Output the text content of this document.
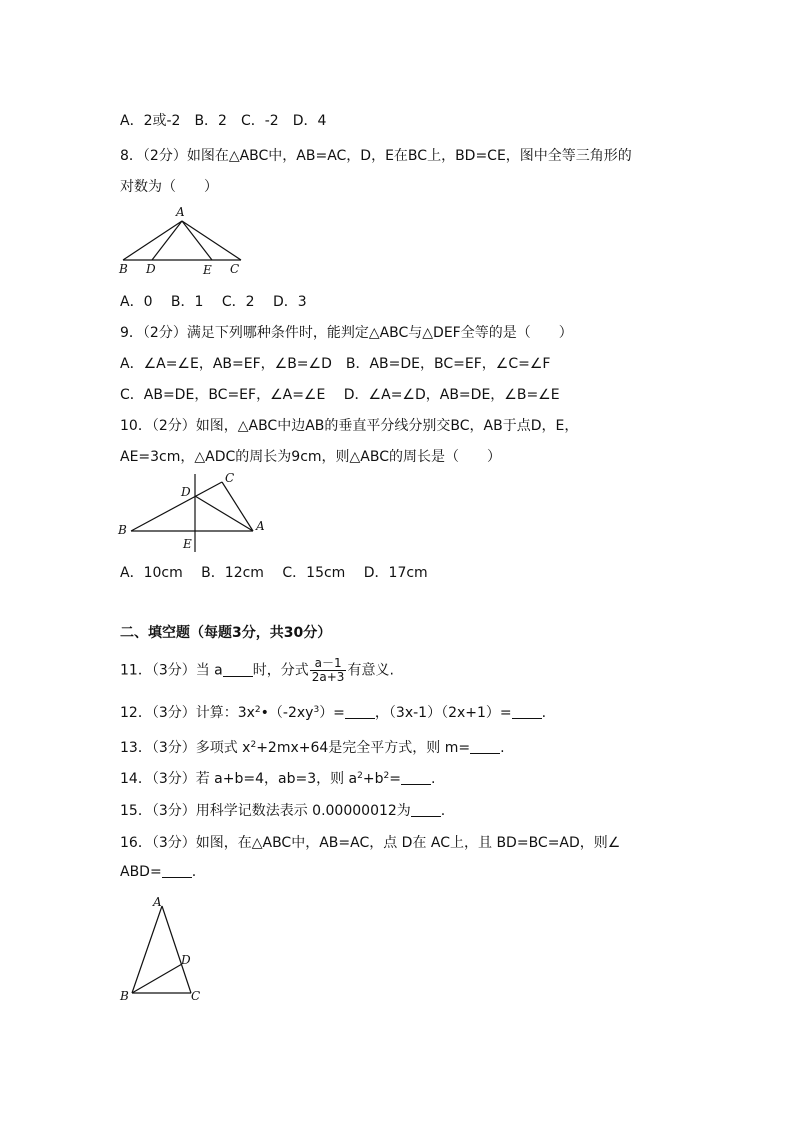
A．2或-2　B．2　C．-2　D．4
8．（2分）如图在△ABC中，AB=AC，D，E在BC上，BD=CE，图中全等三角形的
对数为（　　）
A
B D	E C
A．0　 B．1　 C．2　 D．3
9．（2分）满足下列哪种条件时，能判定△ABC与△DEF全等的是（　　）
A．∠A=∠E，AB=EF，∠B=∠D　B．AB=DE，BC=EF，∠C=∠F
C．AB=DE，BC=EF，∠A=∠E　 D．∠A=∠D，AB=DE，∠B=∠E
10．（2分）如图，△ABC中边AB的垂直平分线分别交BC，AB于点D，E，
AE=3cm，△ADC的周长为9cm，则△ABC的周长是（　　）
C
D
B	A
E
A．10cm　 B．12cm　 C．15cm　 D．17cm
二、填空题（每题3分，共30分）
11．（3分）当 a 时，分式 $\frac{a-1}{2a+3}$ 有意义.
12．（3分）计算：$3x^2•(-2xy^3)=$ ，（3x-1）（2x+1）= .
13．（3分）多项式 $x^2+2mx+64$是完全平方式，则 m= .
14．（3分）若 a+b=4，ab=3，则 $a^2+b^2=$ .
15．（3分）用科学记数法表示 0.00000012为 .
16．（3分）如图，在△ABC中，AB=AC，点 D在 AC上，且 BD=BC=AD，则∠
ABD= .
A
D
B	C
